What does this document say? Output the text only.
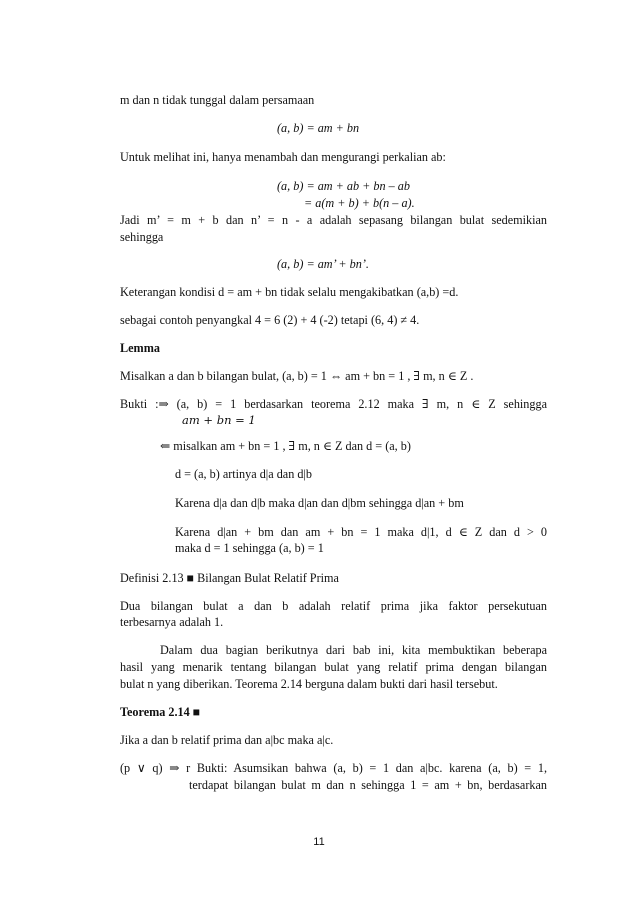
m dan n tidak tunggal dalam persamaan
(a, b) = am + bn
Untuk melihat ini, hanya menambah dan mengurangi perkalian ab:
(a, b) = am + ab + bn – ab
= a(m + b) + b(n – a).
Jadi m’ = m + b dan n’ = n - a adalah sepasang bilangan bulat sedemikian
sehingga
(a, b) = am’ + bn’.
Keterangan kondisi d = am + bn tidak selalu mengakibatkan (a,b) =d.
sebagai contoh penyangkal 4 = 6 (2) + 4 (-2) tetapi (6, 4) ≠ 4.
Lemma
Misalkan a dan b bilangan bulat, (a, b) = 1 ⇔ am + bn = 1 , ∃ m, n ∈ Z .
Bukti :⇒ (a, b) = 1 berdasarkan teorema 2.12 maka ∃ m, n ∈ Z sehingga
am + bn = 1
⇐ misalkan am + bn = 1 , ∃ m, n ∈ Z dan d = (a, b)
d = (a, b) artinya d|a dan d|b
Karena d|a dan d|b maka d|an dan d|bm sehingga d|an + bm
Karena d|an + bm dan am + bn = 1 maka d|1, d ∈ Z dan d > 0
maka d = 1 sehingga (a, b) = 1
Definisi 2.13 ■ Bilangan Bulat Relatif Prima
Dua bilangan bulat a dan b adalah relatif prima jika faktor persekutuan
terbesarnya adalah 1.
Dalam dua bagian berikutnya dari bab ini, kita membuktikan beberapa
hasil yang menarik tentang bilangan bulat yang relatif prima dengan bilangan
bulat n yang diberikan. Teorema 2.14 berguna dalam bukti dari hasil tersebut.
Teorema 2.14 ■
Jika a dan b relatif prima dan a|bc maka a|c.
(p ∨ q) ⇒ r Bukti: Asumsikan bahwa (a, b) = 1 dan a|bc. karena (a, b) = 1,
terdapat bilangan bulat m dan n sehingga 1 = am + bn, berdasarkan
11
